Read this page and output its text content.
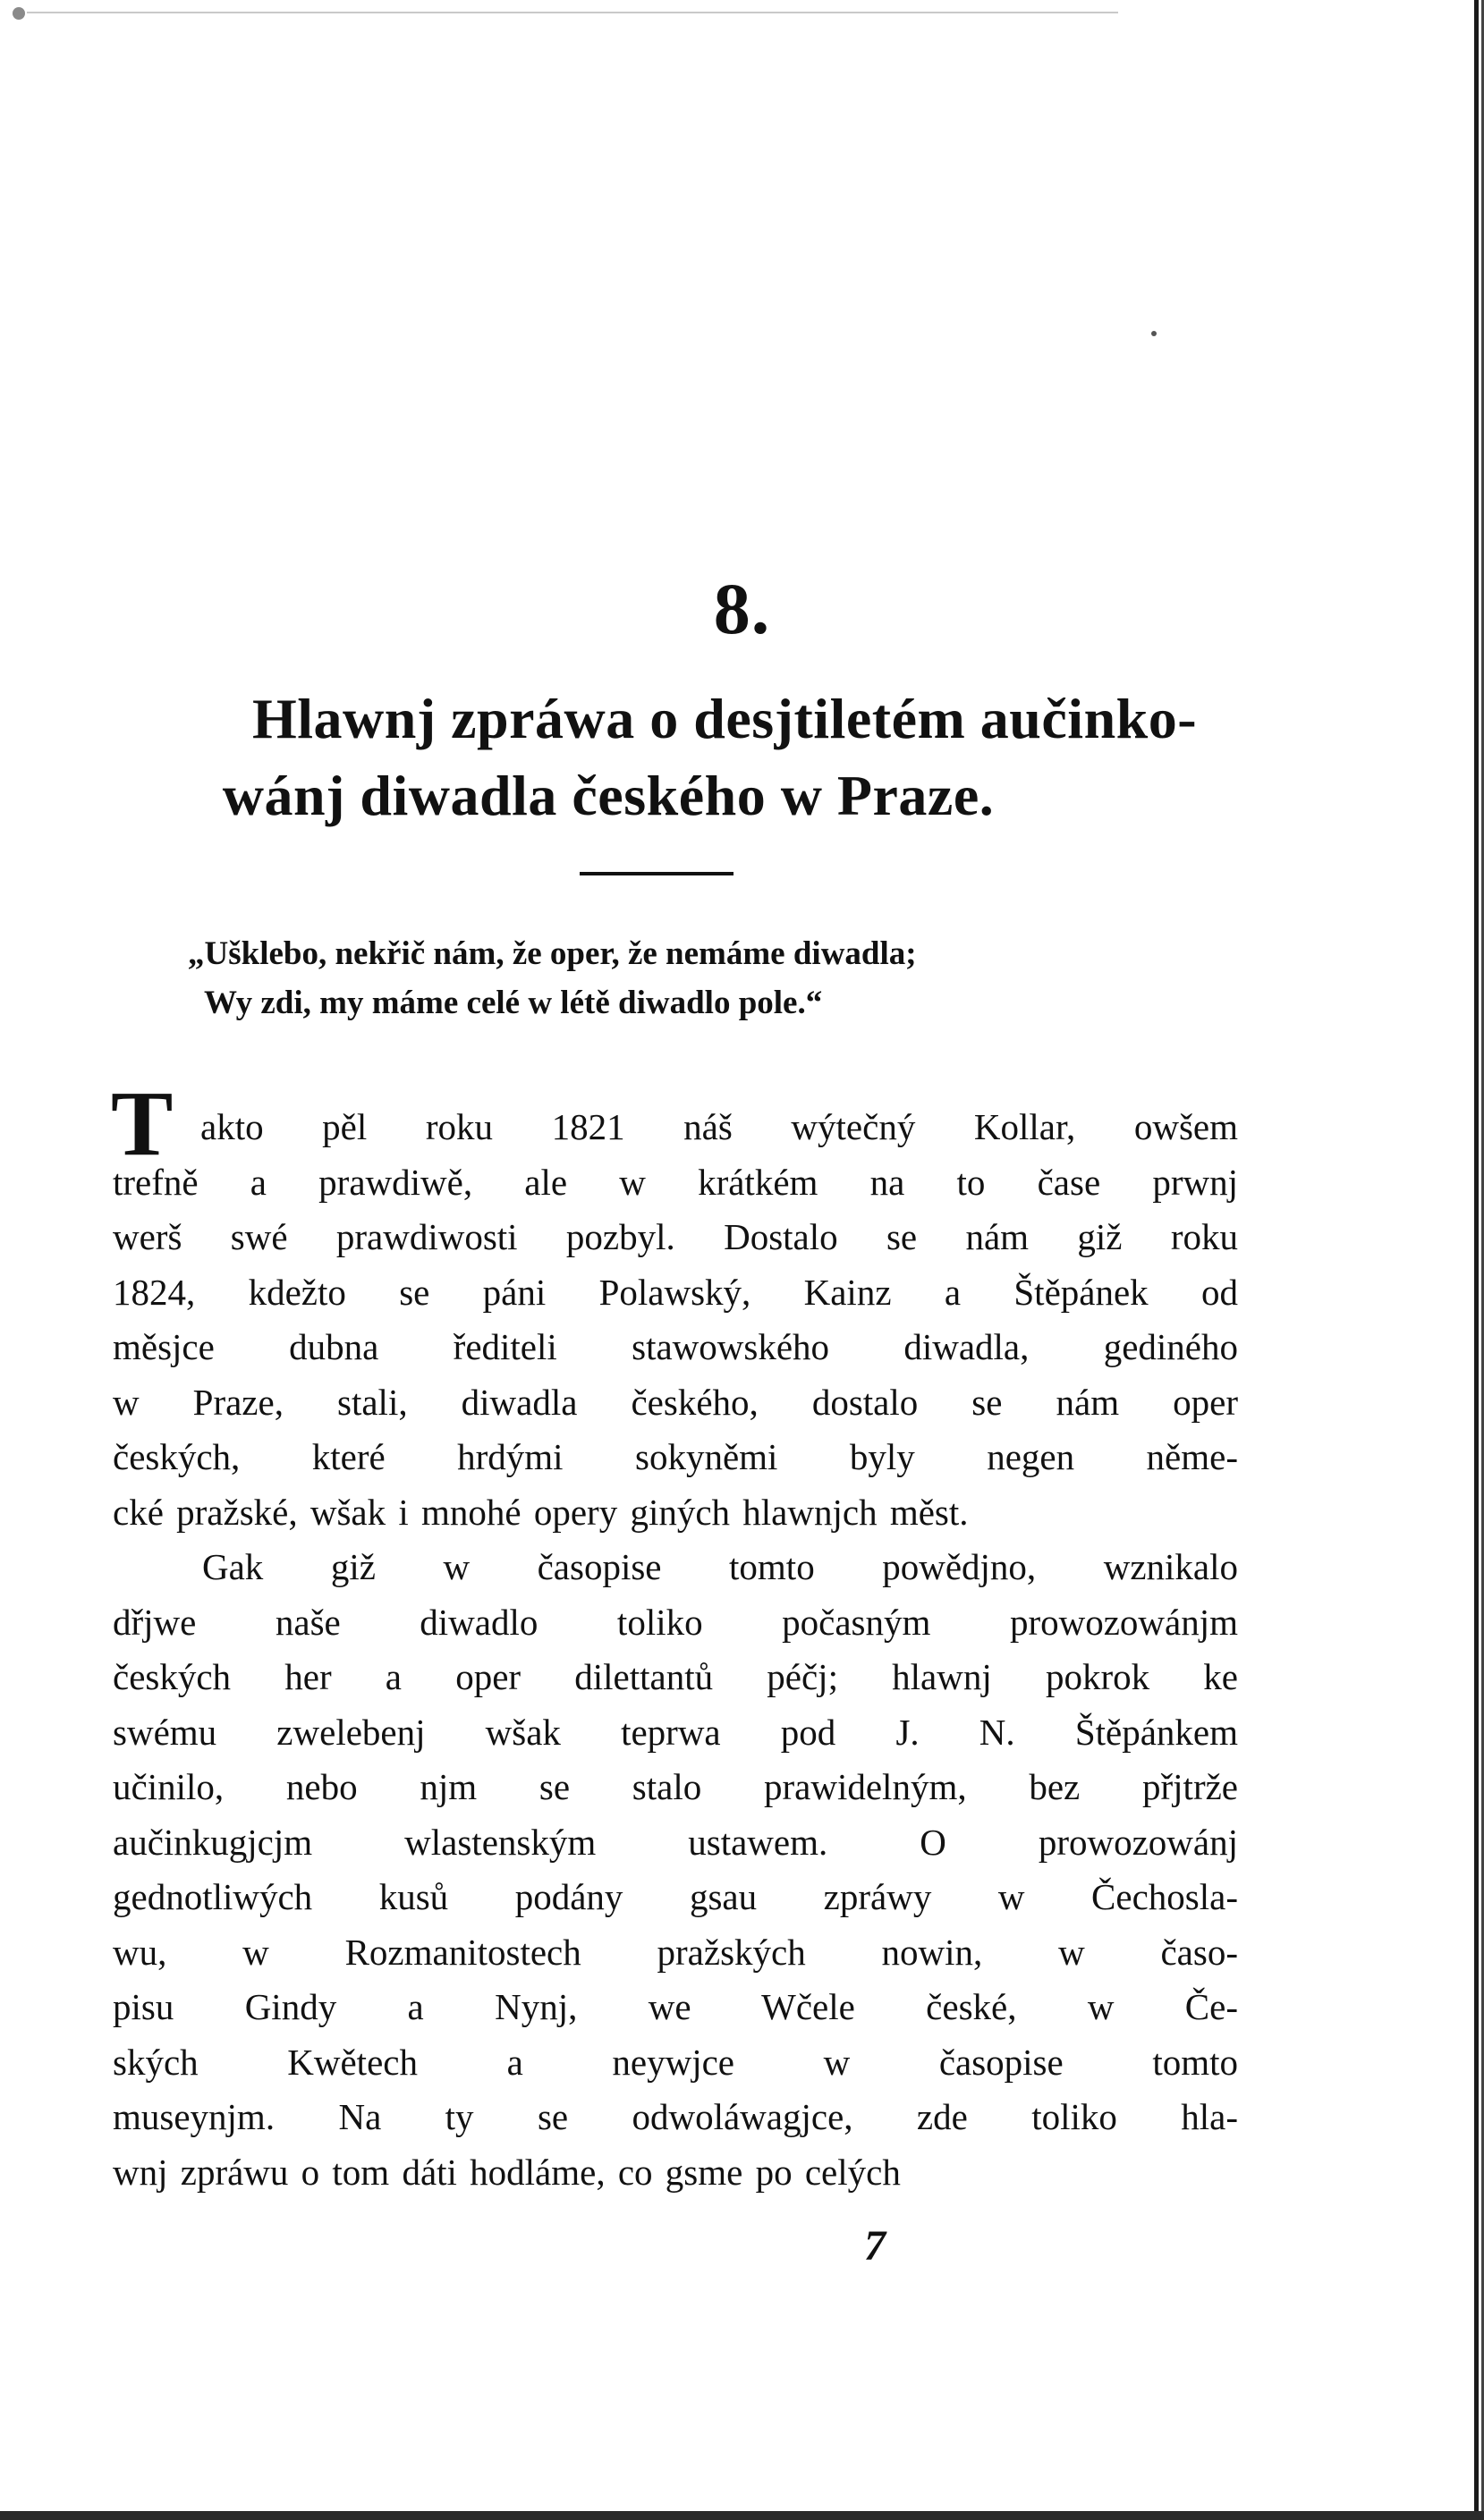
8.
Hlawnj zpráwa o desjtiletém aučinko-
wánj diwadla českého w Praze.
„Ušklebo, nekřič nám, že oper, že nemáme diwadla;
Wy zdi, my máme celé w létě diwadlo pole.“
T akto pěl roku 1821 náš wýtečný Kollar, owšem
trefně a prawdiwě, ale w krátkém na to čase prwnj
werš swé prawdiwosti pozbyl. Dostalo se nám giž roku
1824, kdežto se páni Polawský, Kainz a Štěpánek od
měsjce dubna řediteli stawowského diwadla, gediného
w Praze, stali, diwadla českého, dostalo se nám oper
českých, které hrdými sokyněmi byly negen něme-
cké pražské, wšak i mnohé opery giných hlawnjch měst.
Gak giž w časopise tomto powědjno, wznikalo
dřjwe naše diwadlo toliko počasným prowozowánjm
českých her a oper dilettantů péčj; hlawnj pokrok ke
swému zwelebenj wšak teprwa pod J. N. Štěpánkem
učinilo, nebo njm se stalo prawidelným, bez přjtrže
aučinkugjcjm wlastenským ustawem. O prowozowánj
gednotliwých kusů podány gsau zpráwy w Čechosla-
wu, w Rozmanitostech pražských nowin, w časo-
pisu Gindy a Nynj, we Wčele české, w Če-
ských Kwětech a neywjce w časopise tomto
museynjm. Na ty se odwoláwagjce, zde toliko hla-
wnj zpráwu o tom dáti hodláme, co gsme po celých
7
